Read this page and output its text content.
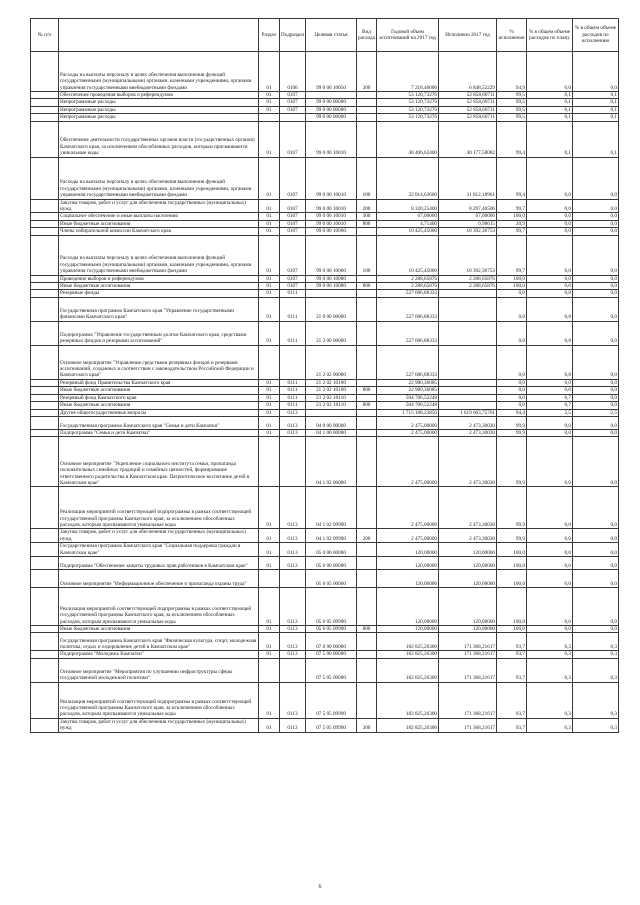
№ п/п		Раздел	Подраздел	Целевая статья	Вид расхода	Годовой объем ассигнований на 2017 год	Исполнено 2017 год	% исполнения	% в общем объеме расходов по плану	% в общем объеме расходов по исполнению
	Расходы на выплаты персоналу в целях обеспечения выполнения функций государственными (муниципальными) органами, казенными учреждениями, органами управления государственными внебюджетными фондами	01	0106	99 0 00 10050	200	7 218,40000	6 848,52229	94,9	0,0	0,0
	Обеспечение проведения выборов и референдумов	01	0107			53 120,73276	52 858,60711	99,5	0,1	0,1
	Непрограммные расходы	01	0107	99 0 00 00000		53 120,73276	52 858,60711	99,5	0,1	0,1
	Непрограммные расходы	01	0107	99 0 00 00000		53 120,73276	52 858,60711	99,5	0,1	0,1
	Непрограммные расходы			99 0 00 00000		53 120,73276	52 858,60711	99,5	0,1	0,1
	Обеспечение деятельности государственных органов власти (государственных органов) Камчатского края, за исключением обособленных расходов, которым присваиваются уникальные коды	01	0107	99 0 00 10010		40 406,62400	40 177,58082	99,4	0,1	0,1
	Расходы на выплаты персоналу в целях обеспечения выполнения функций государственными (муниципальными) органами, казенными учреждениями, органами управления государственными внебюджетными фондами	01	0107	99 0 00 10010	100	32 014,63600	31 812,18961	99,4	0,0	0,0
	Закупка товаров, работ и услуг для обеспечения государственных (муниципальных) нужд	01	0107	99 0 00 10010	200	8 320,25400	8 297,40506	99,7	0,0	0,0
	Социальное обеспечение и иные выплаты населению	01	0107	99 0 00 10010	300	67,00000	67,00000	100,0	0,0	0,0
	Иные бюджетные ассигнования	01	0107	99 0 00 10010	800	4,71400	0,98615	20,9	0,0	0,0
	Члены избирательной комиссии Камчатского края	01	0107	99 0 00 10060		10 425,45000	10 392,36753	99,7	0,0	0,0
	Расходы на выплаты персоналу в целях обеспечения выполнения функций государственными (муниципальными) органами, казенными учреждениями, органами управления государственными внебюджетными фондами	01	0107	99 0 00 10060	100	10 425,45000	10 392,36753	99,7	0,0	0,0
	Проведение выборов и референдумов	01	0107	99 0 00 10080		2 288,65876	2 288,65876	100,0	0,0	0,0
	Иные бюджетные ассигнования	01	0107	99 0 00 10080	800	2 288,65876	2 288,65876	100,0	0,0	0,0
	Резервные фонды	01	0111			527 686,88333		0,0	0,8	0,0
	Государственная программа Камчатского края "Управление государственными финансами Камчатского края"	01	0111	21 0 00 00000		527 686,88333		0,0	0,8	0,0
	Подпрограмма "Управление государственным долгом Камчатского края, средствами резервных фондов и резервами ассигнований"	01	0111	21 2 00 00000		527 686,88333		0,0	0,8	0,0
	Основное мероприятие "Управление средствами резервных фондов и резервами ассигнований, созданных в соответствии с законодательством Российской Федерации и Камчатского края"			21 2 02 00000		527 686,88333		0,0	0,8	0,0
	Резервный фонд Правительства Камчатского края	01	0111	21 2 02 10100		22 980,36085		0,0	0,0	0,0
	Иные бюджетные ассигнования	01	0111	21 2 02 10100	800	22 980,36085		0,0	0,0	0,0
	Резервный фонд Камчатского края	01	0111	21 2 02 10110		504 706,52248		0,0	0,7	0,0
	Иные бюджетные ассигнования	01	0111	21 2 02 10110	800	504 706,52248		0,0	0,7	0,0
	Другие общегосударственные вопросы	01	0113			1 715 188,23856	1 619 663,75761	94,4	2,5	2,5
	Государственная программа Камчатского края "Семья и дети Камчатки"	01	0113	04 0 00 00000		2 475,00000	2 473,30030	99,9	0,0	0,0
	Подпрограмма "Семья и дети Камчатки"	01	0113	04 1 00 00000		2 475,00000	2 473,30030	99,9	0,0	0,0
	Основное мероприятие "Укрепление социального института семьи, пропаганда положительных семейных традиций и семейных ценностей, формирование ответственного родительства в Камчатском крае. Патриотическое воспитание детей в Камчатском крае"			04 1 02 00000		2 475,00000	2 473,30030	99,9	0,0	0,0
	Реализация мероприятий соответствующей подпрограммы в рамках соответствующей государственной программы Камчатского края, за исключением обособленных расходов, которым присваиваются уникальные коды	01	0113	04 1 02 09990		2 475,00000	2 473,30030	99,9	0,0	0,0
	Закупка товаров, работ и услуг для обеспечения государственных (муниципальных) нужд	01	0113	04 1 02 09990	200	2 475,00000	2 473,30030	99,9	0,0	0,0
	Государственная программа Камчатского края "Социальная поддержка граждан в Камчатском крае"	01	0113	05 0 00 00000		120,00000	120,00000	100,0	0,0	0,0
	Подпрограмма "Обеспечение защиты трудовых прав работников в Камчатском крае"	01	0113	05 6 00 00000		120,00000	120,00000	100,0	0,0	0,0
	Основное мероприятие "Информационное обеспечение и пропаганда охраны труда"			05 6 05 00000		120,00000	120,00000	100,0	0,0	0,0
	Реализация мероприятий соответствующей подпрограммы в рамках соответствующей государственной программы Камчатского края, за исключением обособленных расходов, которым присваиваются уникальные коды	01	0113	05 6 05 09990		120,00000	120,00000	100,0	0,0	0,0
	Иные бюджетные ассигнования	01	0113	05 6 05 09990	800	120,00000	120,00000	100,0	0,0	0,0
	Государственная программа Камчатского края "Физическая культура, спорт, молодежная политика, отдых и оздоровление детей в Камчатском крае"	01	0113	07 0 00 00000		182 825,26300	171 368,21617	93,7	0,3	0,3
	Подпрограмма "Молодежь Камчатки"	01	0113	07 5 00 00000		182 825,26300	171 368,21617	93,7	0,3	0,3
	Основное мероприятие "Мероприятия по улучшению инфраструктуры сферы государственной молодежной политики"			07 5 05 00000		182 825,26300	171 368,21617	93,7	0,3	0,3
	Реализация мероприятий соответствующей подпрограммы в рамках соответствующей государственной программы Камчатского края, за исключением обособленных расходов, которым присваиваются уникальные коды	01	0113	07 5 05 09990		182 825,26300	171 368,21617	93,7	0,3	0,3
	Закупка товаров, работ и услуг для обеспечения государственных (муниципальных) нужд	01	0113	07 5 05 09990	200	182 825,26300	171 368,21617	93,7	0,3	0,3
6
